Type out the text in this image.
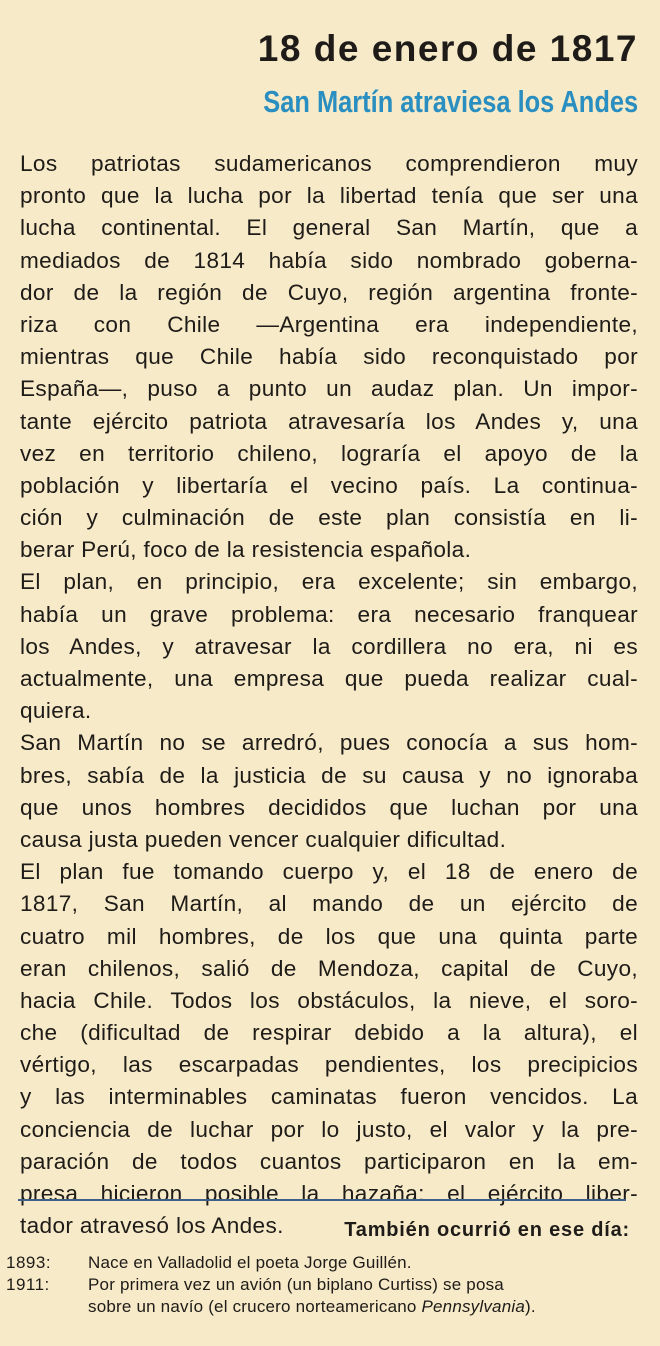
18 de enero de 1817
San Martín atraviesa los Andes
Los patriotas sudamericanos comprendieron muy
pronto que la lucha por la libertad tenía que ser una
lucha continental. El general San Martín, que a
mediados de 1814 había sido nombrado goberna-
dor de la región de Cuyo, región argentina fronte-
riza con Chile —Argentina era independiente,
mientras que Chile había sido reconquistado por
España—, puso a punto un audaz plan. Un impor-
tante ejército patriota atravesaría los Andes y, una
vez en territorio chileno, lograría el apoyo de la
población y libertaría el vecino país. La continua-
ción y culminación de este plan consistía en li-
berar Perú, foco de la resistencia española.
El plan, en principio, era excelente; sin embargo,
había un grave problema: era necesario franquear
los Andes, y atravesar la cordillera no era, ni es
actualmente, una empresa que pueda realizar cual-
quiera.
San Martín no se arredró, pues conocía a sus hom-
bres, sabía de la justicia de su causa y no ignoraba
que unos hombres decididos que luchan por una
causa justa pueden vencer cualquier dificultad.
El plan fue tomando cuerpo y, el 18 de enero de
1817, San Martín, al mando de un ejército de
cuatro mil hombres, de los que una quinta parte
eran chilenos, salió de Mendoza, capital de Cuyo,
hacia Chile. Todos los obstáculos, la nieve, el soro-
che (dificultad de respirar debido a la altura), el
vértigo, las escarpadas pendientes, los precipicios
y las interminables caminatas fueron vencidos. La
conciencia de luchar por lo justo, el valor y la pre-
paración de todos cuantos participaron en la em-
presa hicieron posible la hazaña: el ejército liber-
tador atravesó los Andes.	También ocurrió en ese día:
1893: Nace en Valladolid el poeta Jorge Guillén.
1911: Por primera vez un avión (un biplano Curtiss) se posa
sobre un navío (el crucero norteamericano Pennsylvania).
